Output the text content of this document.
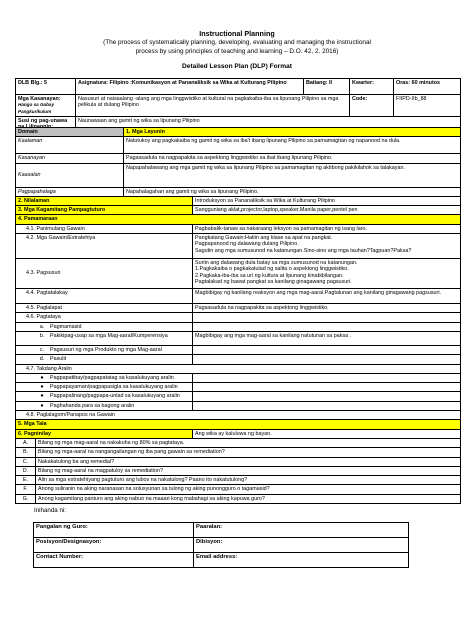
Instructional Planning
(The process of systematically planning, developing, evaluating and managing the instructional
process by using principles of teaching and learning – D.O. 42, 2. 2016)
Detailed Lesson Plan (DLP) Format
DLB Blg.: 5	Asignatura: Filipino :Komunikasyon at Pananaliksik sa Wika at Kulturang Pilipino	Baitang: II	Kwarter:	Oras: 60 minutos
Mga Kasanayan:
Hango sa Gabay Pangkurikulum	Nasusuri at naisaalang -alang ang mga linggwistiko at kultural na pagkakaiba-iba sa lipunang Pilipino sa mga pelikula at dulang Pilipino		Code:	FIIPD-IIb_88
Susi ng pag-unawa na Lilinangin:	Naunawaan ang gamit ng wika sa lipunang Pilipino			
Domain		1. Mga Layunin	
Kaalaman		Natutukoy ang pagkakaiba ng gamit ng wika sa iba't ibang lipunang Pilipino sa pamamagitan ng napanood na dula.	
Kasanayan		Pagsasadula na nagpapakita sa aspektong linggwistiko sa ibat ibang lipunang Pilipino.	
Kaasalan		Napapahalawang ang mga gamit ng wika sa lipunang Pilipino sa pamamagitan ng aktibong pakikilahok sa talakayan.	
Pagpapahalaga		Napahalagahan ang gamit ng wika sa lipunang Pilipino.	
2. Nilalaman			Introduksyon sa Pananaliksik sa Wika at Kulturang Pilipino
3. Mga Kagamitang Pampagtuturo			Sangguniang aklat,projector,laptop,speaker,Manila paper,pentel pen
4. Pamamaraan			
4.1. Panimulang Gawain			Pagbabalik-tanaw sa nakaraang leksyon sa pamamagitan ng isang laro.
4.2. Mga Gawain/Estratehiya			Pangkatang Gawain:Hatiin ang klase sa apat na pangkat.
Pagpapanood ng dalawang dulang Pilipino.
Sagutin ang mga sumusunod na katanungan.Sino-sino ang mga tauhan?Tagpuan?Paksa?

4.3. Pagsusuri			Suriin ang dalawang dula batay sa mga sumusunod na katanungan.
1.Pagkakaiba o pagkakatulad ng salita o aspektong linggwistiko.
2.Pagkaka-iba-iba sa uri ng kultura at lipunang kinabibilangan.
Pagtalakad ng bawat pangkat sa kanilang ginagawang pagsusuri.

4.4. Pagtatalakay			Magbibigay ng kanilang reaksyon ang mga mag-aaral.Pagtalunan ang kanilang ginagawang pagsusuri.
4.5. Paglalapat			Pagsasadula na nagpapakita sa aspektong linggwistiko.
4.6. Pagtataya			
a. Pagmamasid			
b. Pakikipag-usap sa mga Mag-aaral/Kumperensiya			Magbibigay ang mga mag-aaral sa kanilang natutunan sa paksa .
c. Pagsusuri ng mga Produkto ng mga Mag-aaral			
d. Pasulit			
4.7. Takdang Aralin			
● Pagpapatibay/pagpapatatag sa kasalukuyang aralin			
● Pagpapayaman/pagpapasigla sa kasalukuyang aralin			
● Pagpapalinang/pagpapa-unlad sa kasalukuyang aralin			
● Paghahanda para sa bagong aralin			
4.8. Paglalagom/Panapos na Gawain			
5. Mga Tala			
6. Pagninilay			Ang wika ay kaluluwa ng bayan.
A.	Bilang ng mga mag-aaral na nakakuha ng 80% sa pagtataya.		
B.	Bilang ng mga-aaral na nangangailangan ng iba pang gawain sa remediation?		
C.	Nakakatulong ba ang remedial?		
D.	Bilang ng mag-aaral na magpatuloy sa remediation?		
E.	Alin sa mga estratehiyang pagtuturo ang lubos na nakatulong? Paano ito nakatutulong?		
F.	Anong suliranin na aking naranasan na solusyunan sa tulong ng aking punongguro o tagamasid?		
G.	Anong kagamitang panturo ang aking nabuo na maaari kong mabahagi sa aking kapuwa guro?		
Inihanda ni:
Pangalan ng Guro:	Paaralan:
Posisyon/Designasyon:	Dibisyon:
Contact Number:	Email address:
